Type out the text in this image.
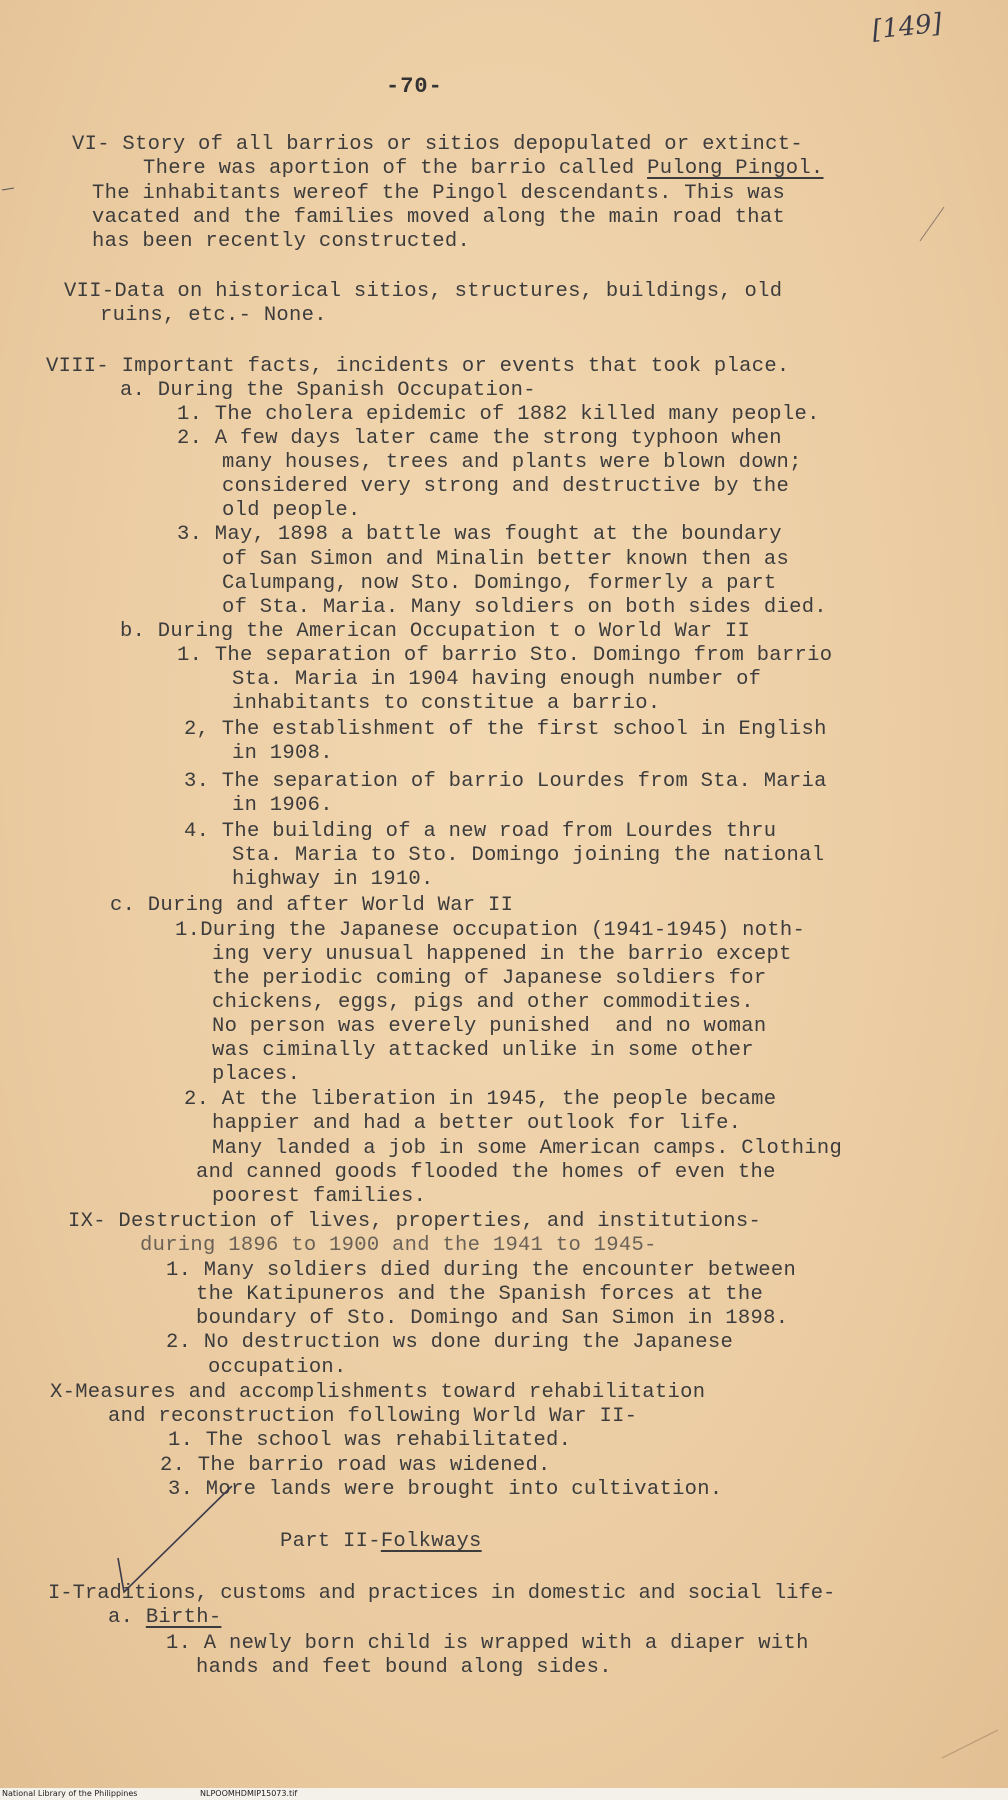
[149]
-70-
VI- Story of all barrios or sitios depopulated or extinct-
There was aportion of the barrio called Pulong Pingol.
The inhabitants wereof the Pingol descendants. This was
vacated and the families moved along the main road that
has been recently constructed.
VII-Data on historical sitios, structures, buildings, old
ruins, etc.- None.
VIII- Important facts, incidents or events that took place.
a. During the Spanish Occupation-
1. The cholera epidemic of 1882 killed many people.
2. A few days later came the strong typhoon when
many houses, trees and plants were blown down;
considered very strong and destructive by the
old people.
3. May, 1898 a battle was fought at the boundary
of San Simon and Minalin better known then as
Calumpang, now Sto. Domingo, formerly a part
of Sta. Maria. Many soldiers on both sides died.
b. During the American Occupation t o World War II
1. The separation of barrio Sto. Domingo from barrio
Sta. Maria in 1904 having enough number of
inhabitants to constitue a barrio.
2, The establishment of the first school in English
in 1908.
3. The separation of barrio Lourdes from Sta. Maria
in 1906.
4. The building of a new road from Lourdes thru
Sta. Maria to Sto. Domingo joining the national
highway in 1910.
c. During and after World War II
1.During the Japanese occupation (1941-1945) noth-
ing very unusual happened in the barrio except
the periodic coming of Japanese soldiers for
chickens, eggs, pigs and other commodities.
No person was everely punished  and no woman
was ciminally attacked unlike in some other
places.
2. At the liberation in 1945, the people became
happier and had a better outlook for life.
Many landed a job in some American camps. Clothing
and canned goods flooded the homes of even the
poorest families.
IX- Destruction of lives, properties, and institutions-
during 1896 to 1900 and the 1941 to 1945-
1. Many soldiers died during the encounter between
the Katipuneros and the Spanish forces at the
boundary of Sto. Domingo and San Simon in 1898.
2. No destruction ws done during the Japanese
occupation.
X-Measures and accomplishments toward rehabilitation
and reconstruction following World War II-
1. The school was rehabilitated.
2. The barrio road was widened.
3. More lands were brought into cultivation.
Part II-Folkways
I-Traditions, customs and practices in domestic and social life-
a. Birth-
1. A newly born child is wrapped with a diaper with
hands and feet bound along sides.
National Library of the Philippines	NLPOOMHDMIP15073.tif
